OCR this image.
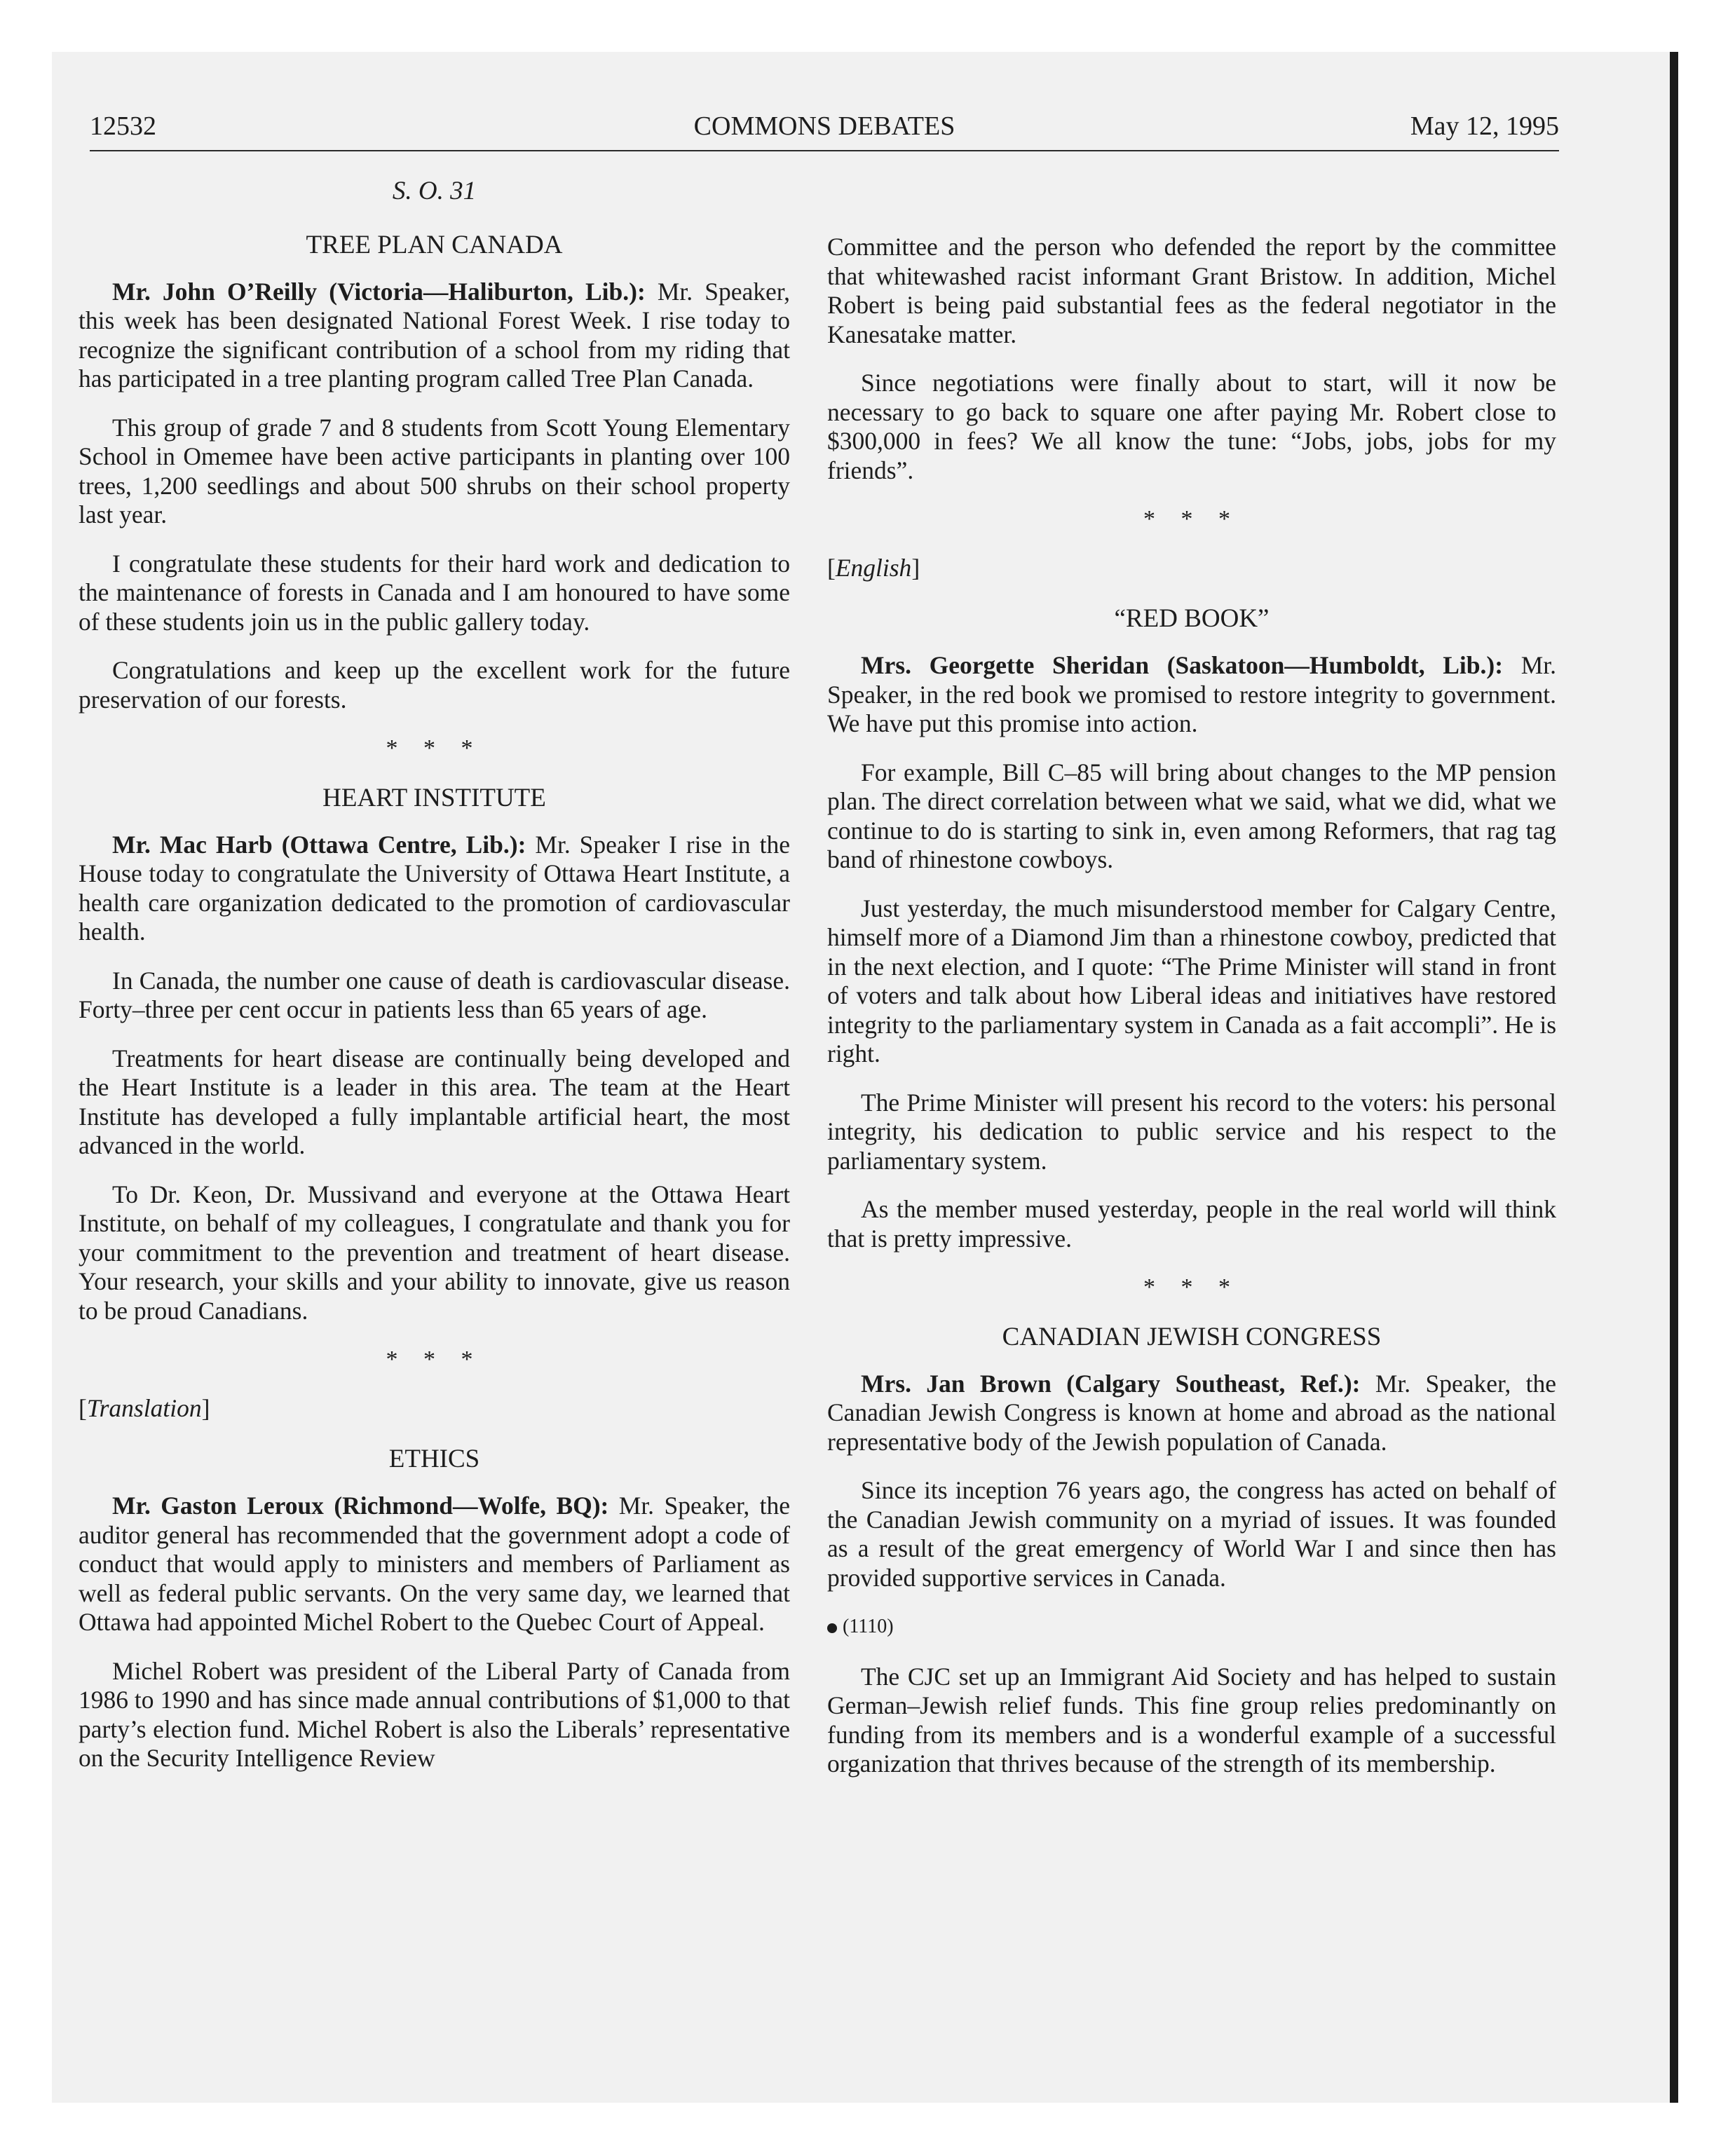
12532	COMMONS DEBATES	May 12, 1995
S. O. 31
TREE PLAN CANADA

Mr. John O’Reilly (Victoria—Haliburton, Lib.): Mr. Speaker, this week has been designated National Forest Week. I rise today to recognize the significant contribution of a school from my riding that has participated in a tree planting program called Tree Plan Canada.

This group of grade 7 and 8 students from Scott Young Elementary School in Omemee have been active participants in planting over 100 trees, 1,200 seedlings and about 500 shrubs on their school property last year.

I congratulate these students for their hard work and dedication to the maintenance of forests in Canada and I am honoured to have some of these students join us in the public gallery today.

Congratulations and keep up the excellent work for the future preservation of our forests.

* * *
HEART INSTITUTE

Mr. Mac Harb (Ottawa Centre, Lib.): Mr. Speaker I rise in the House today to congratulate the University of Ottawa Heart Institute, a health care organization dedicated to the promotion of cardiovascular health.

In Canada, the number one cause of death is cardiovascular disease. Forty–three per cent occur in patients less than 65 years of age.

Treatments for heart disease are continually being developed and the Heart Institute is a leader in this area. The team at the Heart Institute has developed a fully implantable artificial heart, the most advanced in the world.

To Dr. Keon, Dr. Mussivand and everyone at the Ottawa Heart Institute, on behalf of my colleagues, I congratulate and thank you for your commitment to the prevention and treatment of heart disease. Your research, your skills and your ability to innovate, give us reason to be proud Canadians.

* * *
[Translation]
ETHICS

Mr. Gaston Leroux (Richmond—Wolfe, BQ): Mr. Speaker, the auditor general has recommended that the government adopt a code of conduct that would apply to ministers and members of Parliament as well as federal public servants. On the very same day, we learned that Ottawa had appointed Michel Robert to the Quebec Court of Appeal.

Michel Robert was president of the Liberal Party of Canada from 1986 to 1990 and has since made annual contributions of $1,000 to that party’s election fund. Michel Robert is also the Liberals’ representative on the Security Intelligence Review

Committee and the person who defended the report by the committee that whitewashed racist informant Grant Bristow. In addition, Michel Robert is being paid substantial fees as the federal negotiator in the Kanesatake matter.

Since negotiations were finally about to start, will it now be necessary to go back to square one after paying Mr. Robert close to $300,000 in fees? We all know the tune: “Jobs, jobs, jobs for my friends”.

* * *
[English]
“RED BOOK”

Mrs. Georgette Sheridan (Saskatoon—Humboldt, Lib.): Mr. Speaker, in the red book we promised to restore integrity to government. We have put this promise into action.

For example, Bill C–85 will bring about changes to the MP pension plan. The direct correlation between what we said, what we did, what we continue to do is starting to sink in, even among Reformers, that rag tag band of rhinestone cowboys.

Just yesterday, the much misunderstood member for Calgary Centre, himself more of a Diamond Jim than a rhinestone cowboy, predicted that in the next election, and I quote: “The Prime Minister will stand in front of voters and talk about how Liberal ideas and initiatives have restored integrity to the parliamentary system in Canada as a fait accompli”. He is right.

The Prime Minister will present his record to the voters: his personal integrity, his dedication to public service and his respect to the parliamentary system.

As the member mused yesterday, people in the real world will think that is pretty impressive.

* * *
CANADIAN JEWISH CONGRESS

Mrs. Jan Brown (Calgary Southeast, Ref.): Mr. Speaker, the Canadian Jewish Congress is known at home and abroad as the national representative body of the Jewish population of Canada.

Since its inception 76 years ago, the congress has acted on behalf of the Canadian Jewish community on a myriad of issues. It was founded as a result of the great emergency of World War I and since then has provided supportive services in Canada.

(1110)

The CJC set up an Immigrant Aid Society and has helped to sustain German–Jewish relief funds. This fine group relies predominantly on funding from its members and is a wonderful example of a successful organization that thrives because of the strength of its membership.
